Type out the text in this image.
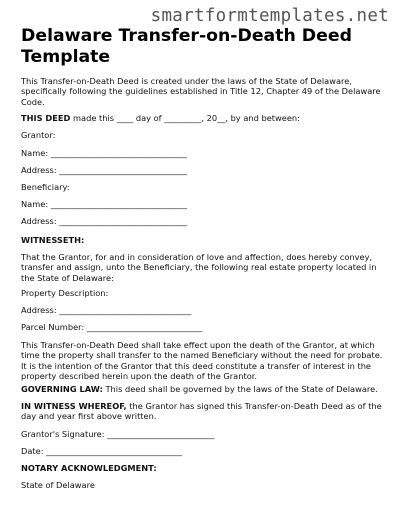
smartformtemplates.net
Delaware Transfer-on-Death Deed Template

This Transfer-on-Death Deed is created under the laws of the State of Delaware, specifically following the guidelines established in Title 12, Chapter 49 of the Delaware Code.

THIS DEED made this ____ day of _________, 20__, by and between:

Grantor:

Name: _________________________________

Address: _______________________________

Beneficiary:

Name: _________________________________

Address: _______________________________

WITNESSETH:

That the Grantor, for and in consideration of love and affection, does hereby convey, transfer and assign, unto the Beneficiary, the following real estate property located in the State of Delaware:

Property Description:

Address: ________________________________

Parcel Number: ____________________________

This Transfer-on-Death Deed shall take effect upon the death of the Grantor, at which time the property shall transfer to the named Beneficiary without the need for probate. It is the intention of the Grantor that this deed constitute a transfer of interest in the property described herein upon the death of the Grantor.

GOVERNING LAW: This deed shall be governed by the laws of the State of Delaware.

IN WITNESS WHEREOF, the Grantor has signed this Transfer-on-Death Deed as of the day and year first above written.

Grantor's Signature: __________________________

Date: _________________________________

NOTARY ACKNOWLEDGMENT:

State of Delaware
